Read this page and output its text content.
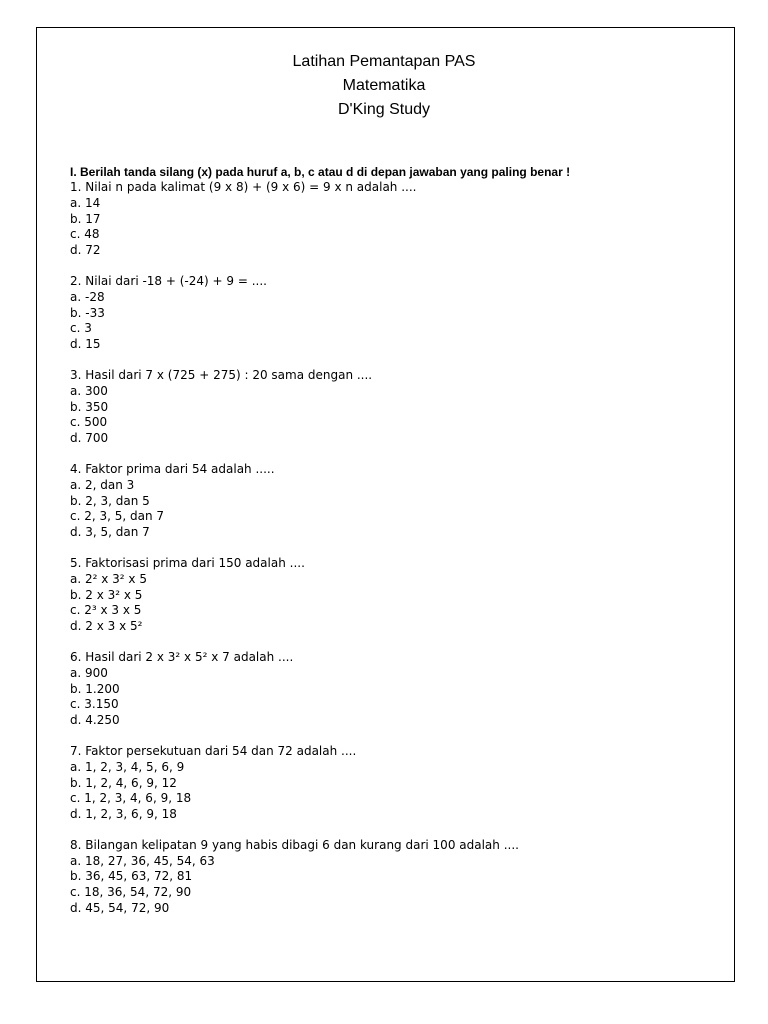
Latihan Pemantapan PAS
Matematika
D'King Study
I. Berilah tanda silang (x) pada huruf a, b, c atau d di depan jawaban yang paling benar !
1. Nilai n pada kalimat (9 x 8) + (9 x 6) = 9 x n adalah ....
a.
14
b.
17
c.
48
d.
72
2. Nilai dari -18 + (-24) + 9 = ....
a.
-28
b.
-33
c.
3
d.
15
3. Hasil dari 7 x (725 + 275) : 20 sama dengan ....
a.
300
b.
350
c.
500
d.
700
4. Faktor prima dari 54 adalah .....
a.
2, dan 3
b.
2, 3, dan 5
c.
2, 3, 5, dan 7
d.
3, 5, dan 7
5. Faktorisasi prima dari 150 adalah ....
a.
2² x 3² x 5
b.
2 x 3² x 5
c.
2³ x 3 x 5
d.
2 x 3 x 5²
6. Hasil dari 2 x 3² x 5² x 7 adalah ....
a.
900
b.
1.200
c.
3.150
d.
4.250
7. Faktor persekutuan dari 54 dan 72 adalah ....
a.
1, 2, 3, 4, 5, 6, 9
b.
1, 2, 4, 6, 9, 12
c.
1, 2, 3, 4, 6, 9, 18
d.
1, 2, 3, 6, 9, 18
8. Bilangan kelipatan 9 yang habis dibagi 6 dan kurang dari 100 adalah ....
a.
18, 27, 36, 45, 54, 63
b.
36, 45, 63, 72, 81
c.
18, 36, 54, 72, 90
d.
45, 54, 72, 90
